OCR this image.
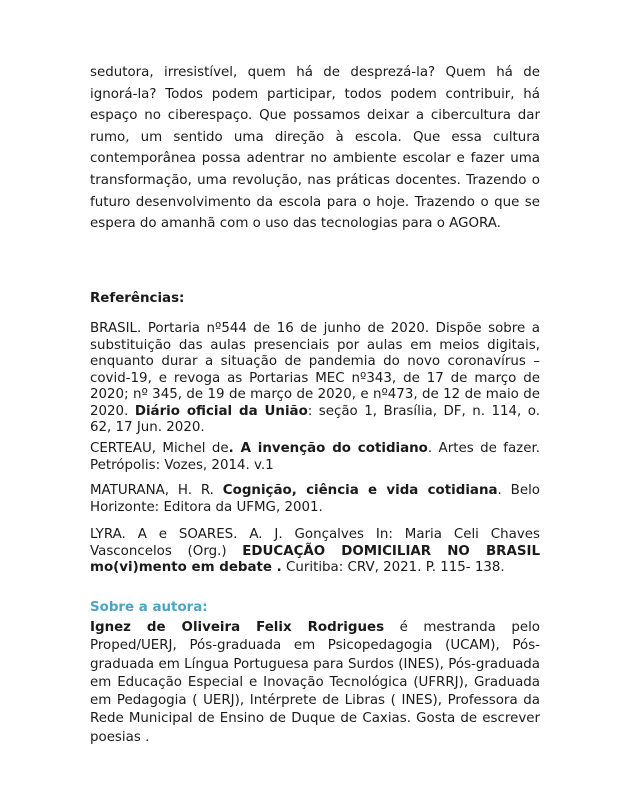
sedutora, irresistível, quem há de desprezá-la? Quem há de ignorá-la? Todos podem participar, todos podem contribuir, há espaço no ciberespaço. Que possamos deixar a cibercultura dar rumo, um sentido uma direção à escola. Que essa cultura contemporânea possa adentrar no ambiente escolar e fazer uma transformação, uma revolução, nas práticas docentes. Trazendo o futuro desenvolvimento da escola para o hoje. Trazendo o que se espera do amanhã com o uso das tecnologias para o AGORA.

Referências:

BRASIL. Portaria nº544 de 16 de junho de 2020. Dispõe sobre a substituição das aulas presenciais por aulas em meios digitais, enquanto durar a situação de pandemia do novo coronavírus – covid-19, e revoga as Portarias MEC nº343, de 17 de março de 2020; nº 345, de 19 de março de 2020, e nº473, de 12 de maio de 2020. Diário oficial da União: seção 1, Brasília, DF, n. 114, o. 62, 17 Jun. 2020.

CERTEAU, Michel de. A invenção do cotidiano. Artes de fazer. Petrópolis: Vozes, 2014. v.1

MATURANA, H. R. Cognição, ciência e vida cotidiana. Belo Horizonte: Editora da UFMG, 2001.

LYRA. A e SOARES. A. J. Gonçalves In: Maria Celi Chaves Vasconcelos (Org.) EDUCAÇÃO DOMICILIAR NO BRASIL mo(vi)mento em debate . Curitiba: CRV, 2021. P. 115- 138.

Sobre a autora:

Ignez de Oliveira Felix Rodrigues é mestranda pelo Proped/UERJ, Pós-graduada em Psicopedagogia (UCAM), Pós-graduada em Língua Portuguesa para Surdos (INES), Pós-graduada em Educação Especial e Inovação Tecnológica (UFRRJ), Graduada em Pedagogia ( UERJ), Intérprete de Libras ( INES), Professora da Rede Municipal de Ensino de Duque de Caxias. Gosta de escrever poesias .
